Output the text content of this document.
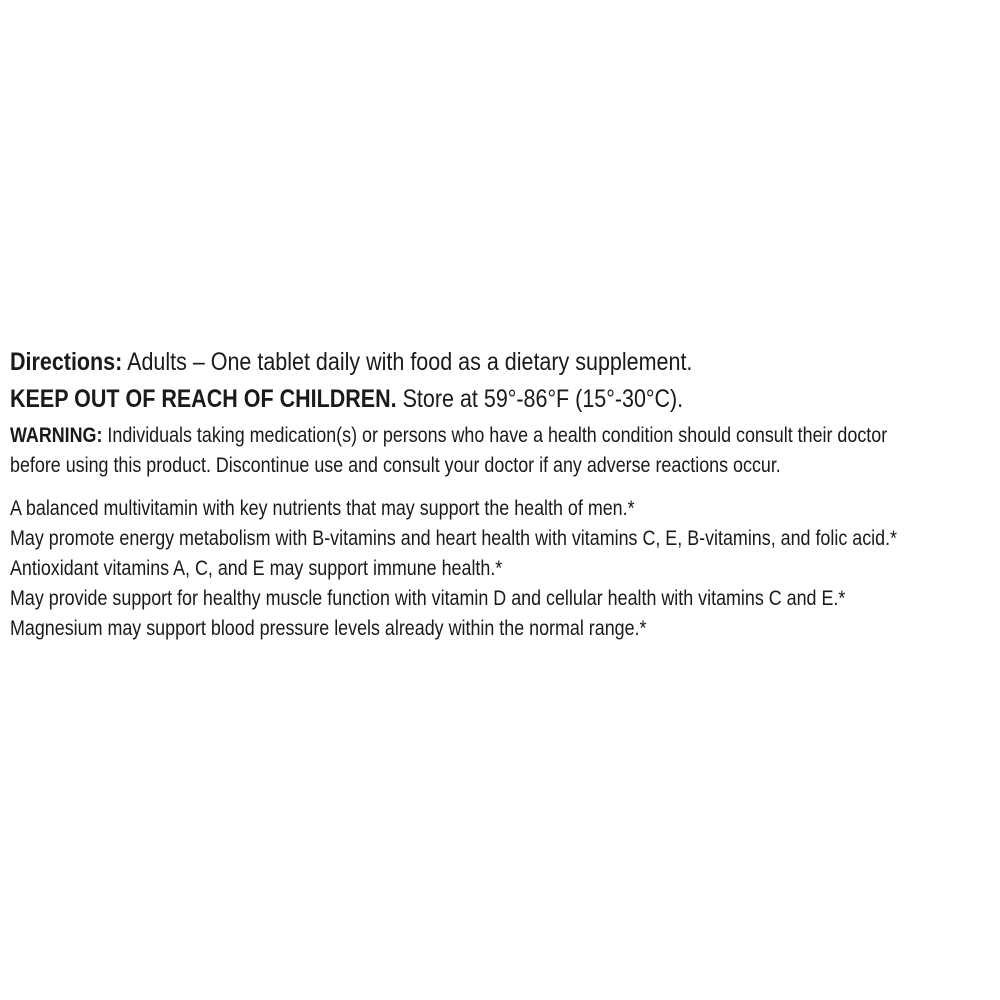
Directions: Adults – One tablet daily with food as a dietary supplement.
KEEP OUT OF REACH OF CHILDREN. Store at 59°-86°F (15°-30°C).
WARNING: Individuals taking medication(s) or persons who have a health condition should consult their doctor
before using this product. Discontinue use and consult your doctor if any adverse reactions occur.
A balanced multivitamin with key nutrients that may support the health of men.*
May promote energy metabolism with B-vitamins and heart health with vitamins C, E, B-vitamins, and folic acid.*
Antioxidant vitamins A, C, and E may support immune health.*
May provide support for healthy muscle function with vitamin D and cellular health with vitamins C and E.*
Magnesium may support blood pressure levels already within the normal range.*
